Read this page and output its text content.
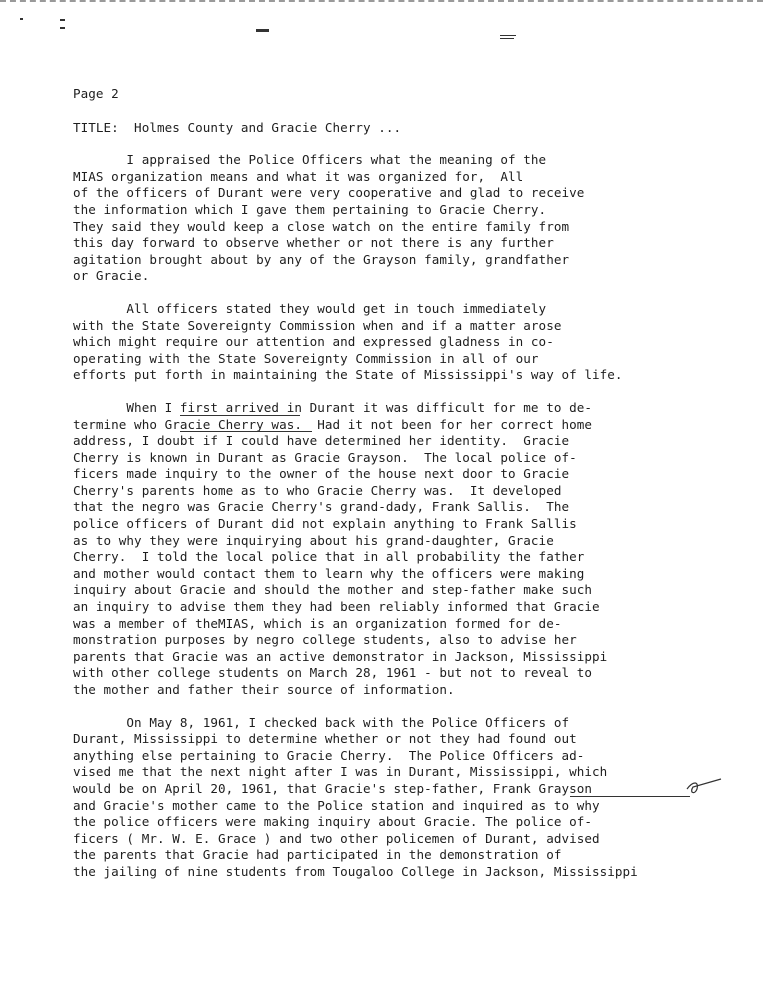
Page 2
TITLE:  Holmes County and Gracie Cherry ...
I appraised the Police Officers what the meaning of the
MIAS organization means and what it was organized for,  All
of the officers of Durant were very cooperative and glad to receive
the information which I gave them pertaining to Gracie Cherry.
They said they would keep a close watch on the entire family from
this day forward to observe whether or not there is any further
agitation brought about by any of the Grayson family, grandfather
or Gracie.
All officers stated they would get in touch immediately
with the State Sovereignty Commission when and if a matter arose
which might require our attention and expressed gladness in co-
operating with the State Sovereignty Commission in all of our
efforts put forth in maintaining the State of Mississippi's way of life.
When I first arrived in Durant it was difficult for me to de-
termine who Gracie Cherry was.  Had it not been for her correct home
address, I doubt if I could have determined her identity.  Gracie
Cherry is known in Durant as Gracie Grayson.  The local police of-
ficers made inquiry to the owner of the house next door to Gracie
Cherry's parents home as to who Gracie Cherry was.  It developed
that the negro was Gracie Cherry's grand-dady, Frank Sallis.  The
police officers of Durant did not explain anything to Frank Sallis
as to why they were inquirying about his grand-daughter, Gracie
Cherry.  I told the local police that in all probability the father
and mother would contact them to learn why the officers were making
inquiry about Gracie and should the mother and step-father make such
an inquiry to advise them they had been reliably informed that Gracie
was a member of theMIAS, which is an organization formed for de-
monstration purposes by negro college students, also to advise her
parents that Gracie was an active demonstrator in Jackson, Mississippi
with other college students on March 28, 1961 - but not to reveal to
the mother and father their source of information.
On May 8, 1961, I checked back with the Police Officers of
Durant, Mississippi to determine whether or not they had found out
anything else pertaining to Gracie Cherry.  The Police Officers ad-
vised me that the next night after I was in Durant, Mississippi, which
would be on April 20, 1961, that Gracie's step-father, Frank Grayson
and Gracie's mother came to the Police station and inquired as to why
the police officers were making inquiry about Gracie. The police of-
ficers ( Mr. W. E. Grace ) and two other policemen of Durant, advised
the parents that Gracie had participated in the demonstration of
the jailing of nine students from Tougaloo College in Jackson, Mississippi
